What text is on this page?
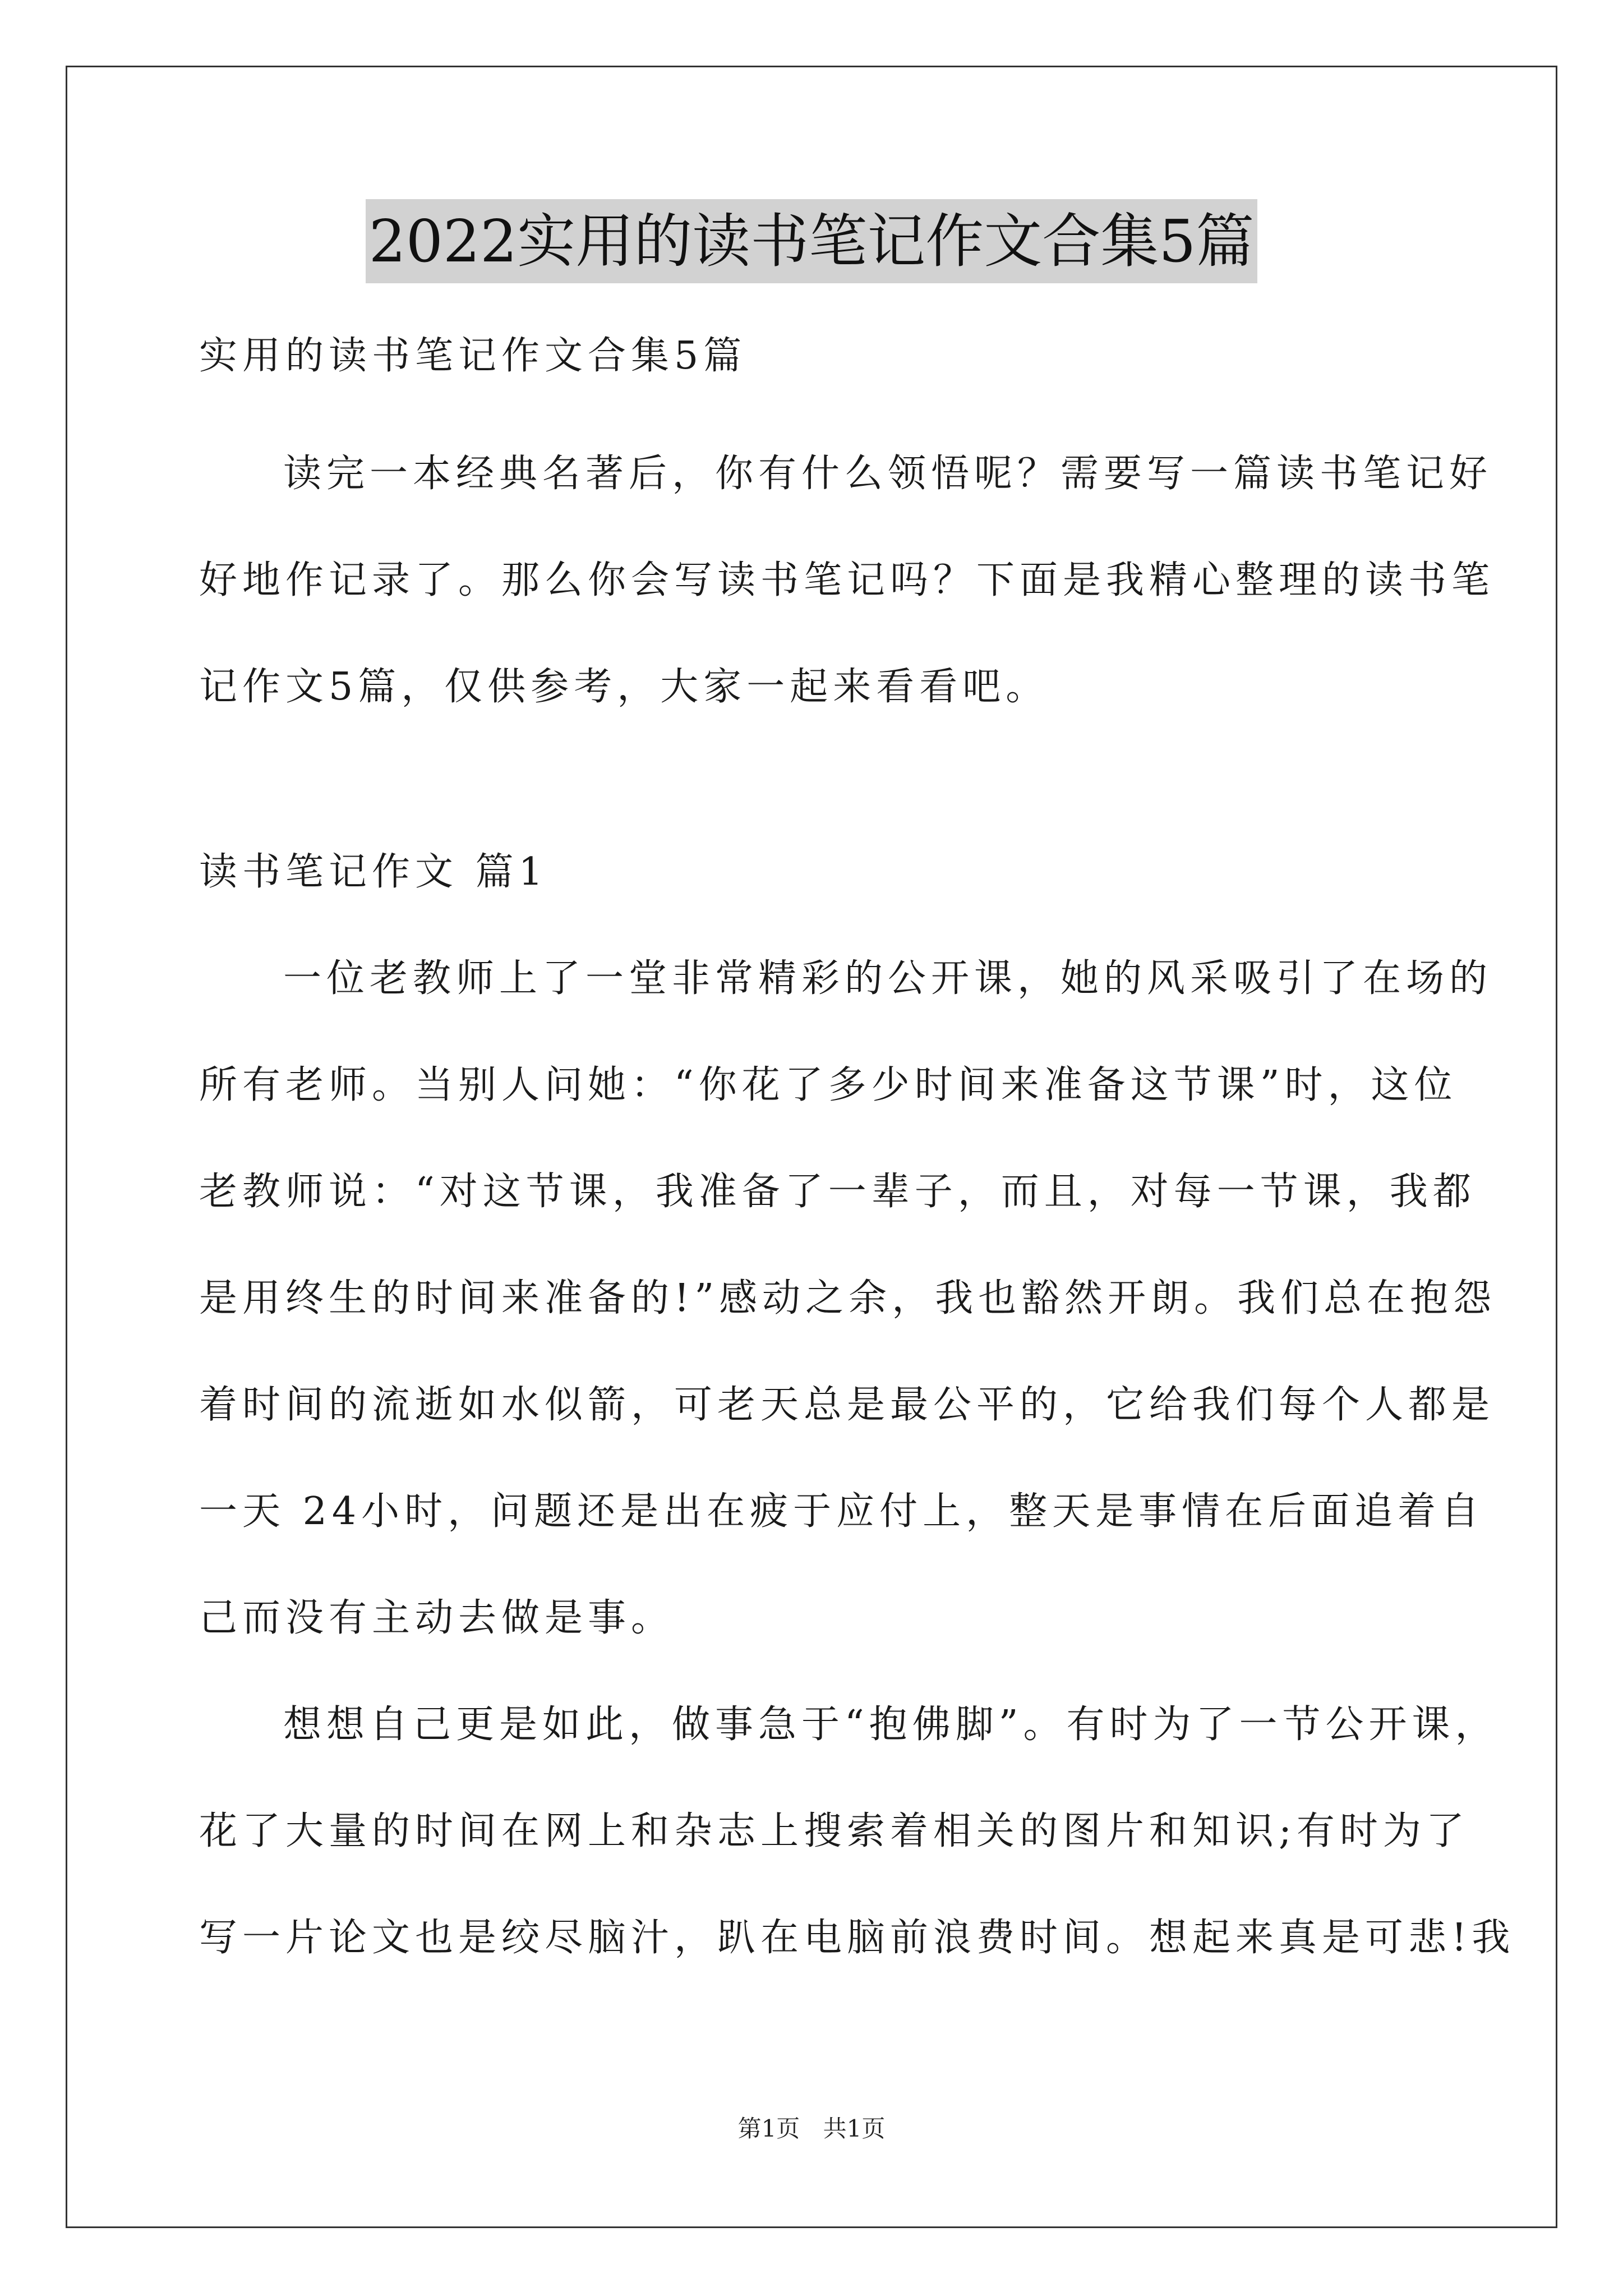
2022实用的读书笔记作文合集5篇

实用的读书笔记作文合集5篇

读完一本经典名著后，你有什么领悟呢？需要写一篇读书笔记好

好地作记录了。那么你会写读书笔记吗？下面是我精心整理的读书笔

记作文5篇，仅供参考，大家一起来看看吧。

读书笔记作文 篇1

一位老教师上了一堂非常精彩的公开课，她的风采吸引了在场的

所有老师。当别人问她：“你花了多少时间来准备这节课”时，这位

老教师说：“对这节课，我准备了一辈子，而且，对每一节课，我都

是用终生的时间来准备的!”感动之余，我也豁然开朗。我们总在抱怨

着时间的流逝如水似箭，可老天总是最公平的，它给我们每个人都是

一天 24小时，问题还是出在疲于应付上，整天是事情在后面追着自

己而没有主动去做是事。

想想自己更是如此，做事急于“抱佛脚”。有时为了一节公开课，

花了大量的时间在网上和杂志上搜索着相关的图片和知识;有时为了

写一片论文也是绞尽脑汁，趴在电脑前浪费时间。想起来真是可悲!我

第1页 共1页
